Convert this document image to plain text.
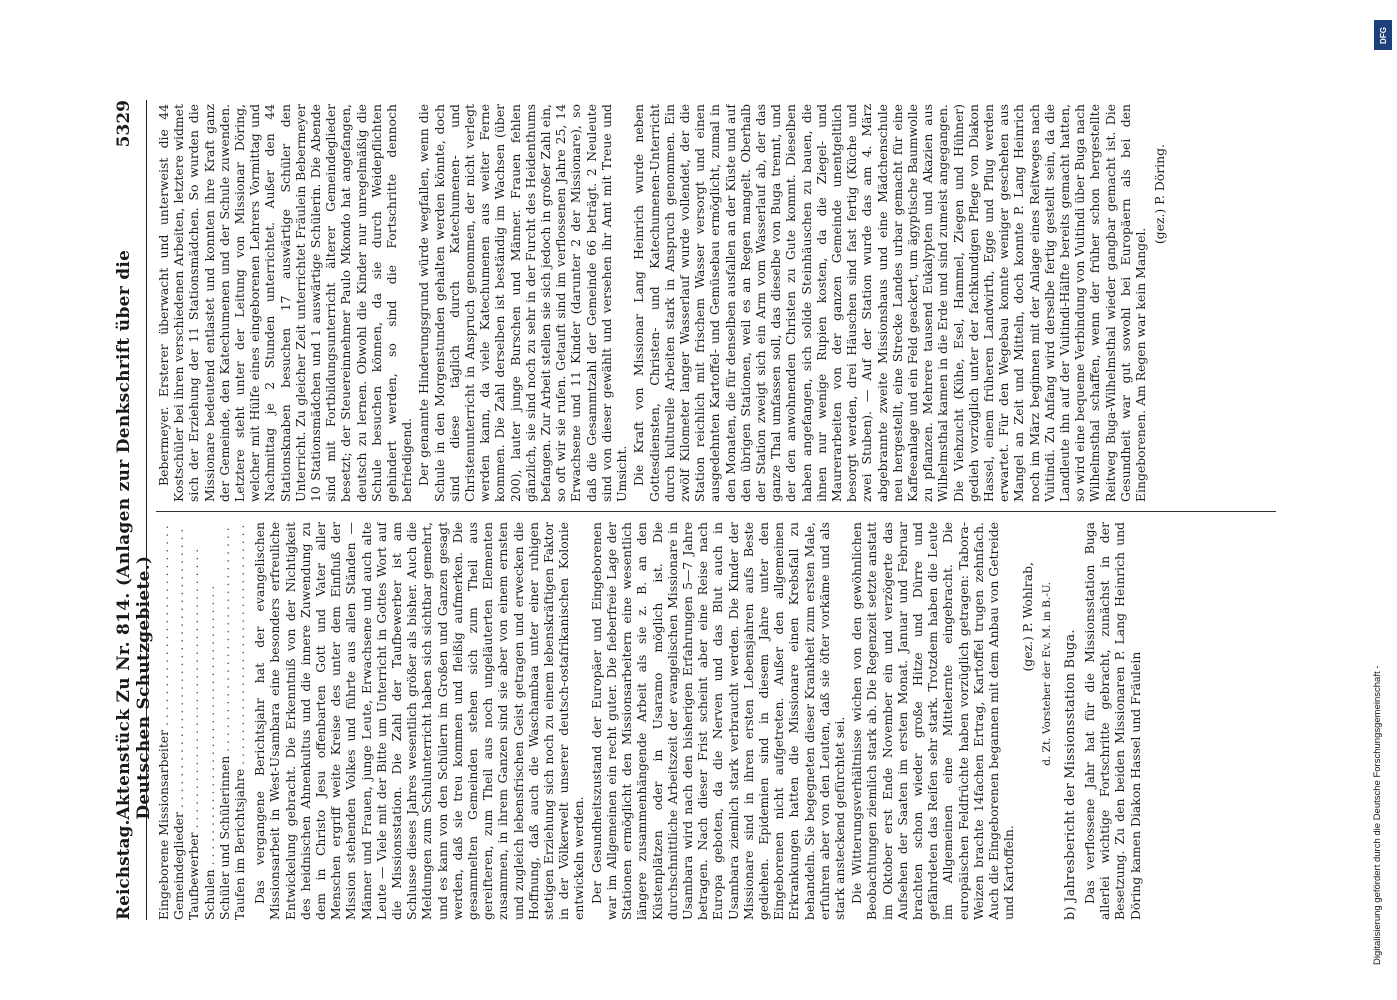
Reichstag.
Aktenstück Zu Nr. 814. (Anlagen zur Denkschrift über die Deutschen Schutzgebiete.)
5329
Eingeborene Missionsarbeiter . . .	
Gemeindeglieder . . .	
Taufbewerber . . .	
Schulen . . .	
Schüler und Schülerinnen . . .	
Taufen im Berichtsjahre . . .	Das vergangene Berichtsjahr hat der evangelischen Missionsarbeit in West-Usambara eine besonders erfreuliche Entwickelung gebracht. Die Erkenntniß von der Nichtigkeit des heidnischen Ahnenkultus und die innere Zuwendung zu dem in Christo Jesu offenbarten Gott und Vater aller Menschen ergriff weite Kreise des unter dem Einfluß der Mission stehenden Volkes und führte aus allen Ständen — Männer und Frauen, junge Leute, Erwachsene und auch alte Leute — Viele mit der Bitte um Unterricht in Gottes Wort auf die Missionsstation. Die Zahl der Taufbewerber ist am Schlusse dieses Jahres wesentlich größer als bisher. Auch die Meldungen zum Schulunterricht haben sich sichtbar gemehrt, und es kann von den Schülern im Großen und Ganzen gesagt werden, daß sie treu kommen und fleißig aufmerken. Die gesammelten Gemeinden stehen sich zum Theil aus gereifteren, zum Theil aus noch ungeläuterten Elementen zusammen, in ihrem Ganzen sind sie aber von einem ernsten und zugleich lebensfrischen Geist getragen und erwecken die Hoffnung, daß auch die Waschambaa unter einer ruhigen stetigen Erziehung sich noch zu einem lebenskräftigen Faktor in der Völkerwelt unserer deutsch-ostafrikanischen Kolonie entwickeln werden. Der Gesundheitszustand der Europäer und Eingeborenen war im Allgemeinen ein recht guter. Die fieberfreie Lage der Stationen ermöglicht den Missionsarbeitern eine wesentlich längere zusammenhängende Arbeit als sie z. B. an den Küstenplätzen oder in Usaramo möglich ist. Die durchschnittliche Arbeitszeit der evangelischen Missionare in Usambara wird nach den bisherigen Erfahrungen 5—7 Jahre betragen. Nach dieser Frist scheint aber eine Reise nach Europa geboten, da die Nerven und das Blut auch in Usambara ziemlich stark verbraucht werden. Die Kinder der Missionare sind in ihren ersten Lebensjahren aufs Beste gediehen. Epidemien sind in diesem Jahre unter den Eingeborenen nicht aufgetreten. Außer den allgemeinen Erkrankungen hatten die Missionare einen Krebsfall zu behandeln. Sie begegneten dieser Krankheit zum ersten Male, erfuhren aber von den Leuten, daß sie öfter vorkäme und als stark ansteckend gefürchtet sei. Die Witterungsverhältnisse wichen von den gewöhnlichen Beobachtungen ziemlich stark ab. Die Regenzeit setzte anstatt im Oktober erst Ende November ein und verzögerte das Aufsehen der Saaten im ersten Monat. Januar und Februar brachten schon wieder große Hitze und Dürre und gefährdeten das Reifen sehr stark. Trotzdem haben die Leute im Allgemeinen eine Mittelernte eingebracht. Die europäischen Feldfrüchte haben vorzüglich getragen: Tabora-Weizen brachte 14fachen Ertrag, Kartoffel trugen zehnfach. Auch die Eingeborenen begannen mit dem Anbau von Getreide und Kartoffeln.

(gez.) P. Wohlrab, d. Zt. Vorsteher der Ev. M. in B.-U. b) Jahresbericht der Missionsstation Buga. Das verflossene Jahr hat für die Missionsstation Buga allerlei wichtige Fortschritte gebracht, zunächst in der Besetzung. Zu den beiden Missionaren P. Lang Heinrich und Döring kamen Diakon Hassel und Fräulein

Bebermeyer. Ersterer überwacht und unterweist die 44 Kostschüler bei ihren verschiedenen Arbeiten, letztere widmet sich der Erziehung der 11 Stationsmädchen. So wurden die Missionare bedeutend entlastet und konnten ihre Kraft ganz der Gemeinde, den Katechumenen und der Schule zuwenden. Letztere steht unter der Leitung von Missionar Döring, welcher mit Hülfe eines eingeborenen Lehrers Vormittag und Nachmittag je 2 Stunden unterrichtet. Außer den 44 Stationsknaben besuchen 17 auswärtige Schüler den Unterricht. Zu gleicher Zeit unterrichtet Fräulein Bebermeyer 10 Stationsmädchen und 1 auswärtige Schülerin. Die Abende sind mit Fortbildungsunterricht älterer Gemeindeglieder besetzt; der Steuereinnehmer Paulo Mkondo hat angefangen, deutsch zu lernen. Obwohl die Kinder nur unregelmäßig die Schule besuchen können, da sie durch Weidepflichten gehindert werden, so sind die Fortschritte dennoch befriedigend. Der genannte Hinderungsgrund würde wegfallen, wenn die Schule in den Morgenstunden gehalten werden könnte, doch sind diese täglich durch Katechumenen- und Christenunterricht in Anspruch genommen, der nicht verlegt werden kann, da viele Katechumenen aus weiter Ferne kommen. Die Zahl derselben ist beständig im Wachsen (über 200), lauter junge Burschen und Männer. Frauen fehlen gänzlich, sie sind noch zu sehr in der Furcht des Heidenthums befangen. Zur Arbeit stellen sie sich jedoch in großer Zahl ein, so oft wir sie rufen. Getauft sind im verflossenen Jahre 25, 14 Erwachsene und 11 Kinder (darunter 2 der Missionare), so daß die Gesammtzahl der Gemeinde 66 beträgt. 2 Neuleute sind von dieser gewählt und versehen ihr Amt mit Treue und Umsicht. Die Kraft von Missionar Lang Heinrich wurde neben Gottesdiensten, Christen- und Katechumenen-Unterricht durch kulturelle Arbeiten stark in Anspruch genommen. Ein zwölf Kilometer langer Wasserlauf wurde vollendet, der die Station reichlich mit frischem Wasser versorgt und einen ausgedehnten Kartoffel- und Gemüsebau ermöglicht, zumal in den Monaten, die für denselben ausfallen an der Küste und auf den übrigen Stationen, weil es an Regen mangelt. Oberhalb der Station zweigt sich ein Arm vom Wasserlauf ab, der das ganze Thal umfassen soll, das dieselbe von Buga trennt, und der den anwohnenden Christen zu Gute kommt. Dieselben haben angefangen, sich solide Steinhäuschen zu bauen, die ihnen nur wenige Rupien kosten, da die Ziegel- und Maurerarbeiten von der ganzen Gemeinde unentgeltlich besorgt werden, drei Häuschen sind fast fertig (Küche und zwei Stuben). — Auf der Station wurde das am 4. März abgebrannte zweite Missionshaus und eine Mädchenschule neu hergestellt, eine Strecke Landes urbar gemacht für eine Kaffeeanlage und ein Feld geackert, um ägyptische Baumwolle zu pflanzen. Mehrere tausend Eukalypten und Akazien aus Wilhelmsthal kamen in die Erde und sind zumeist angegangen. Die Viehzucht (Kühe, Esel, Hammel, Ziegen und Hühner) gedieh vorzüglich unter der fachkundigen Pflege von Diakon Hassel, einem früheren Landwirth, Egge und Pflug werden erwartet. Für den Wegebau konnte weniger geschehen aus Mangel an Zeit und Mitteln, doch konnte P. Lang Heinrich noch im März beginnen mit der Anlage eines Reitweges nach Vuitindi. Zu Anfang wird derselbe fertig gestellt sein, da die Landleute ihn auf der Vuitindi-Hälfte bereits gemacht hatten, so wird eine bequeme Verbindung von Vuitindi über Buga nach Wilhelmsthal schaffen, wenn der früher schon hergestellte Reitweg Buga-Wilhelmsthal wieder gangbar gemacht ist. Die Gesundheit war gut sowohl bei Europäern als bei den Eingeborenen. Am Regen war kein Mangel.

(gez.) P. Döring.
DFG
Digitalisierung gefördert durch die Deutsche Forschungsgemeinschaft -
